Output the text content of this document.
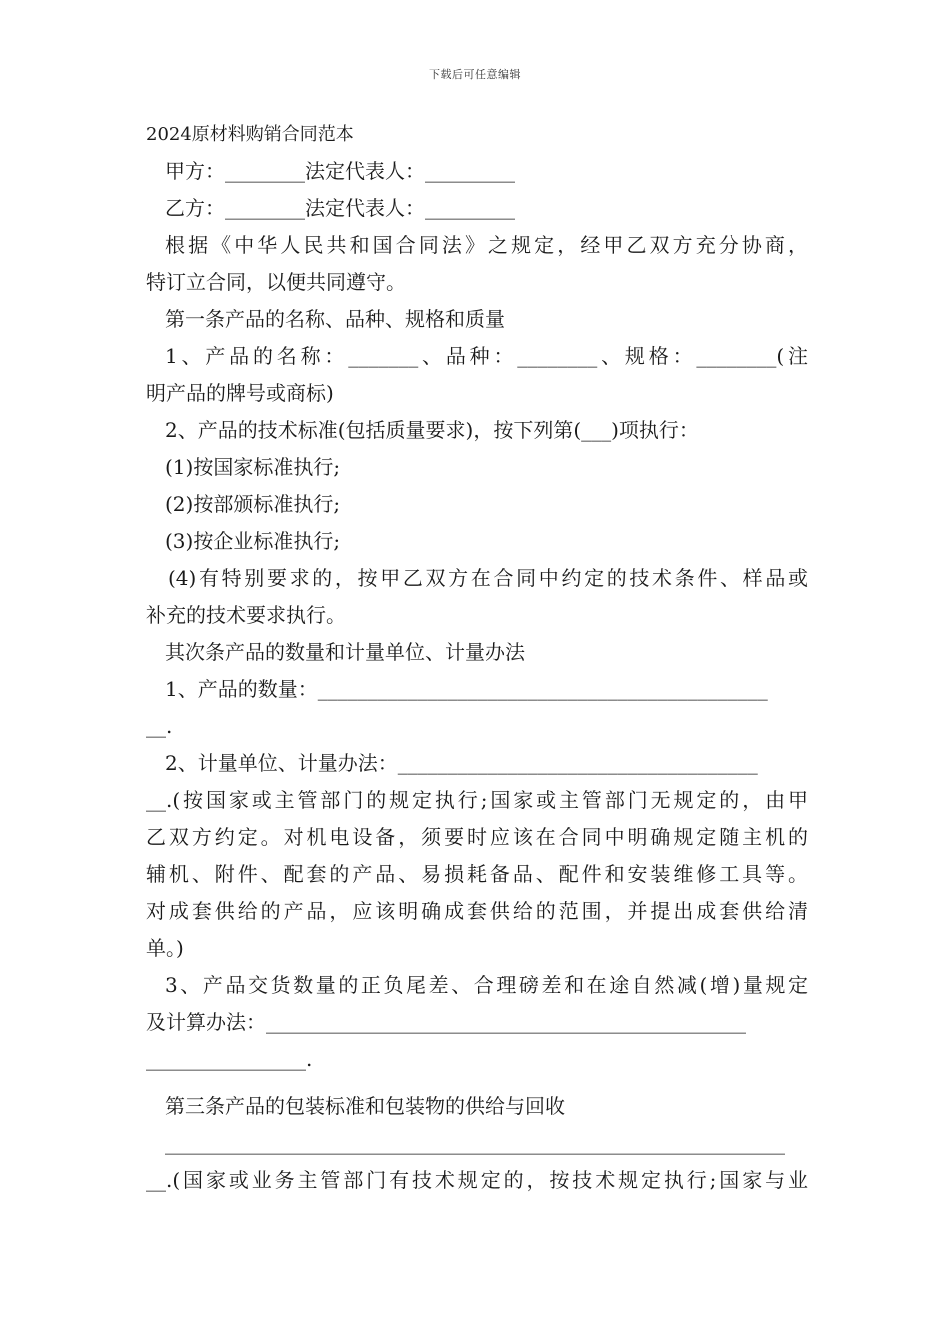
下载后可任意编辑
2024原材料购销合同范本
甲方：________法定代表人：_________
乙方：________法定代表人：_________
根据《中华人民共和国合同法》之规定，经甲乙双方充分协商，
特订立合同，以便共同遵守。
第一条产品的名称、品种、规格和质量
1、产品的名称：_______、品种：________、规格：________(注
明产品的牌号或商标)
2、产品的技术标准(包括质量要求)，按下列第(___)项执行：
(1)按国家标准执行;
(2)按部颁标准执行;
(3)按企业标准执行;
(4)有特别要求的，按甲乙双方在合同中约定的技术条件、样品或
补充的技术要求执行。
其次条产品的数量和计量单位、计量办法
1、产品的数量：_____________________________________________
__.
2、计量单位、计量办法：____________________________________
__.(按国家或主管部门的规定执行;国家或主管部门无规定的，由甲
乙双方约定。对机电设备，须要时应该在合同中明确规定随主机的
辅机、附件、配套的产品、易损耗备品、配件和安装维修工具等。
对成套供给的产品，应该明确成套供给的范围，并提出成套供给清
单。)
3、产品交货数量的正负尾差、合理磅差和在途自然减(增)量规定
及计算办法：________________________________________________
________________.
第三条产品的包装标准和包装物的供给与回收
______________________________________________________________
__.(国家或业务主管部门有技术规定的，按技术规定执行;国家与业
